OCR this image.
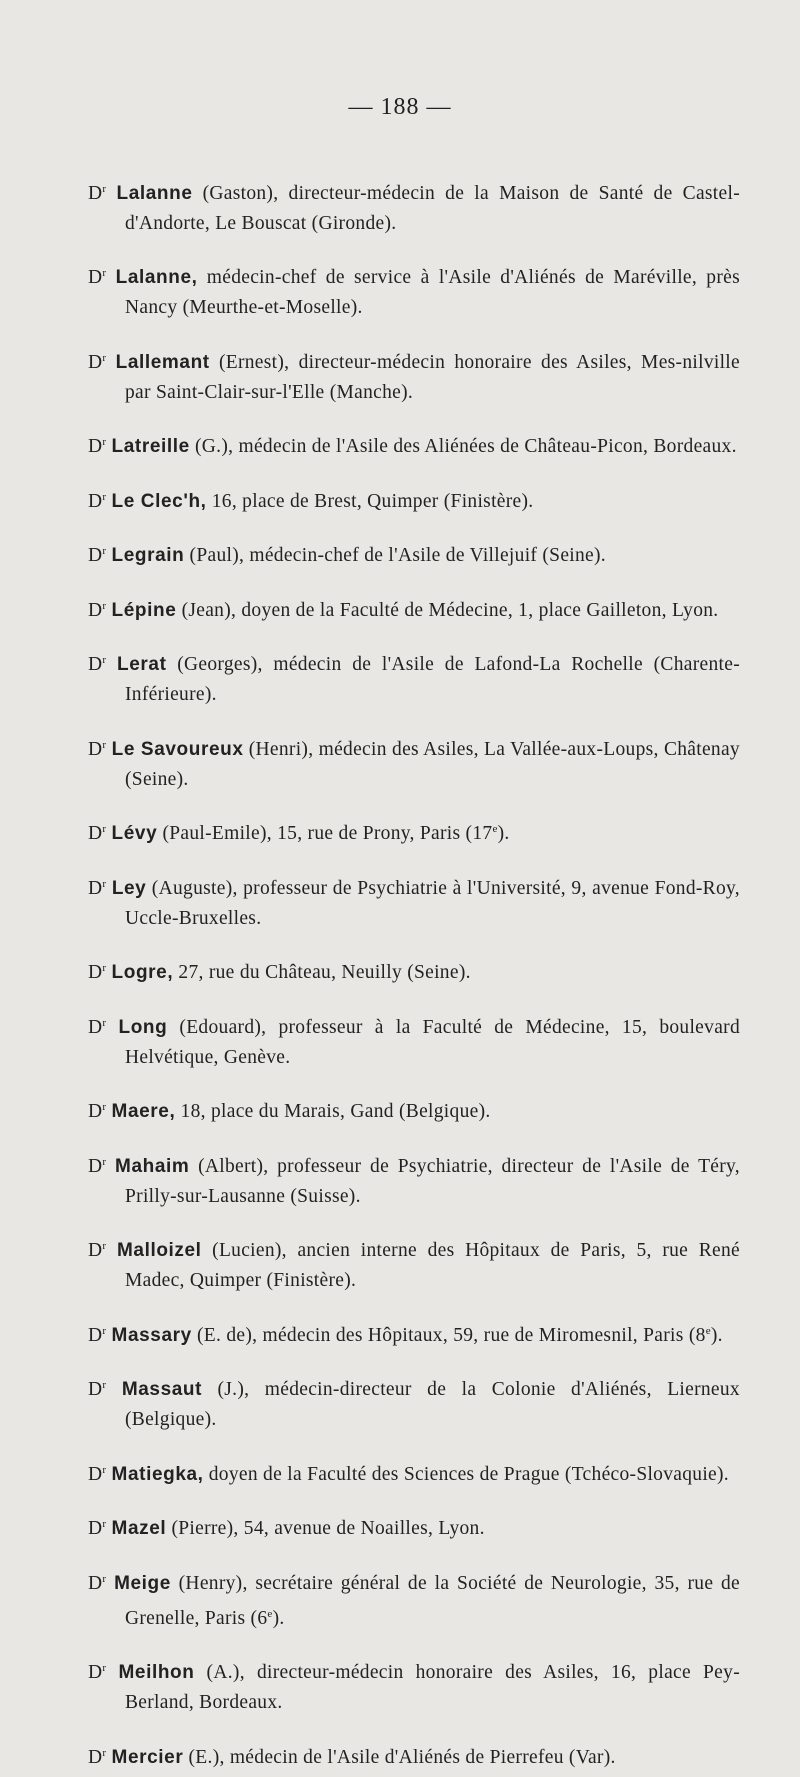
— 188 —

$D^r$ Lalanne (Gaston), directeur-médecin de la Maison de Santé de Castel-d'Andorte, Le Bouscat (Gironde).

$D^r$ Lalanne, médecin-chef de service à l'Asile d'Aliénés de Maréville, près Nancy (Meurthe-et-Moselle).

$D^r$ Lallemant (Ernest), directeur-médecin honoraire des Asiles, Mes-nilville par Saint-Clair-sur-l'Elle (Manche).

$D^r$ Latreille (G.), médecin de l'Asile des Aliénées de Château-Picon, Bordeaux.

$D^r$ Le Clec'h, 16, place de Brest, Quimper (Finistère).

$D^r$ Legrain (Paul), médecin-chef de l'Asile de Villejuif (Seine).

$D^r$ Lépine (Jean), doyen de la Faculté de Médecine, 1, place Gailleton, Lyon.

$D^r$ Lerat (Georges), médecin de l'Asile de Lafond-La Rochelle (Charente-Inférieure).

$D^r$ Le Savoureux (Henri), médecin des Asiles, La Vallée-aux-Loups, Châtenay (Seine).

$D^r$ Lévy (Paul-Emile), 15, rue de Prony, Paris (17e).

$D^r$ Ley (Auguste), professeur de Psychiatrie à l'Université, 9, avenue Fond-Roy, Uccle-Bruxelles.

$D^r$ Logre, 27, rue du Château, Neuilly (Seine).

$D^r$ Long (Edouard), professeur à la Faculté de Médecine, 15, boulevard Helvétique, Genève.

$D^r$ Maere, 18, place du Marais, Gand (Belgique).

$D^r$ Mahaim (Albert), professeur de Psychiatrie, directeur de l'Asile de Téry, Prilly-sur-Lausanne (Suisse).

$D^r$ Malloizel (Lucien), ancien interne des Hôpitaux de Paris, 5, rue René Madec, Quimper (Finistère).

$D^r$ Massary (E. de), médecin des Hôpitaux, 59, rue de Miromesnil, Paris (8e).

$D^r$ Massaut (J.), médecin-directeur de la Colonie d'Aliénés, Lierneux (Belgique).

$D^r$ Matiegka, doyen de la Faculté des Sciences de Prague (Tchéco-Slovaquie).

$D^r$ Mazel (Pierre), 54, avenue de Noailles, Lyon.

$D^r$ Meige (Henry), secrétaire général de la Société de Neurologie, 35, rue de Grenelle, Paris (6e).

$D^r$ Meilhon (A.), directeur-médecin honoraire des Asiles, 16, place Pey-Berland, Bordeaux.

$D^r$ Mercier (E.), médecin de l'Asile d'Aliénés de Pierrefeu (Var).
